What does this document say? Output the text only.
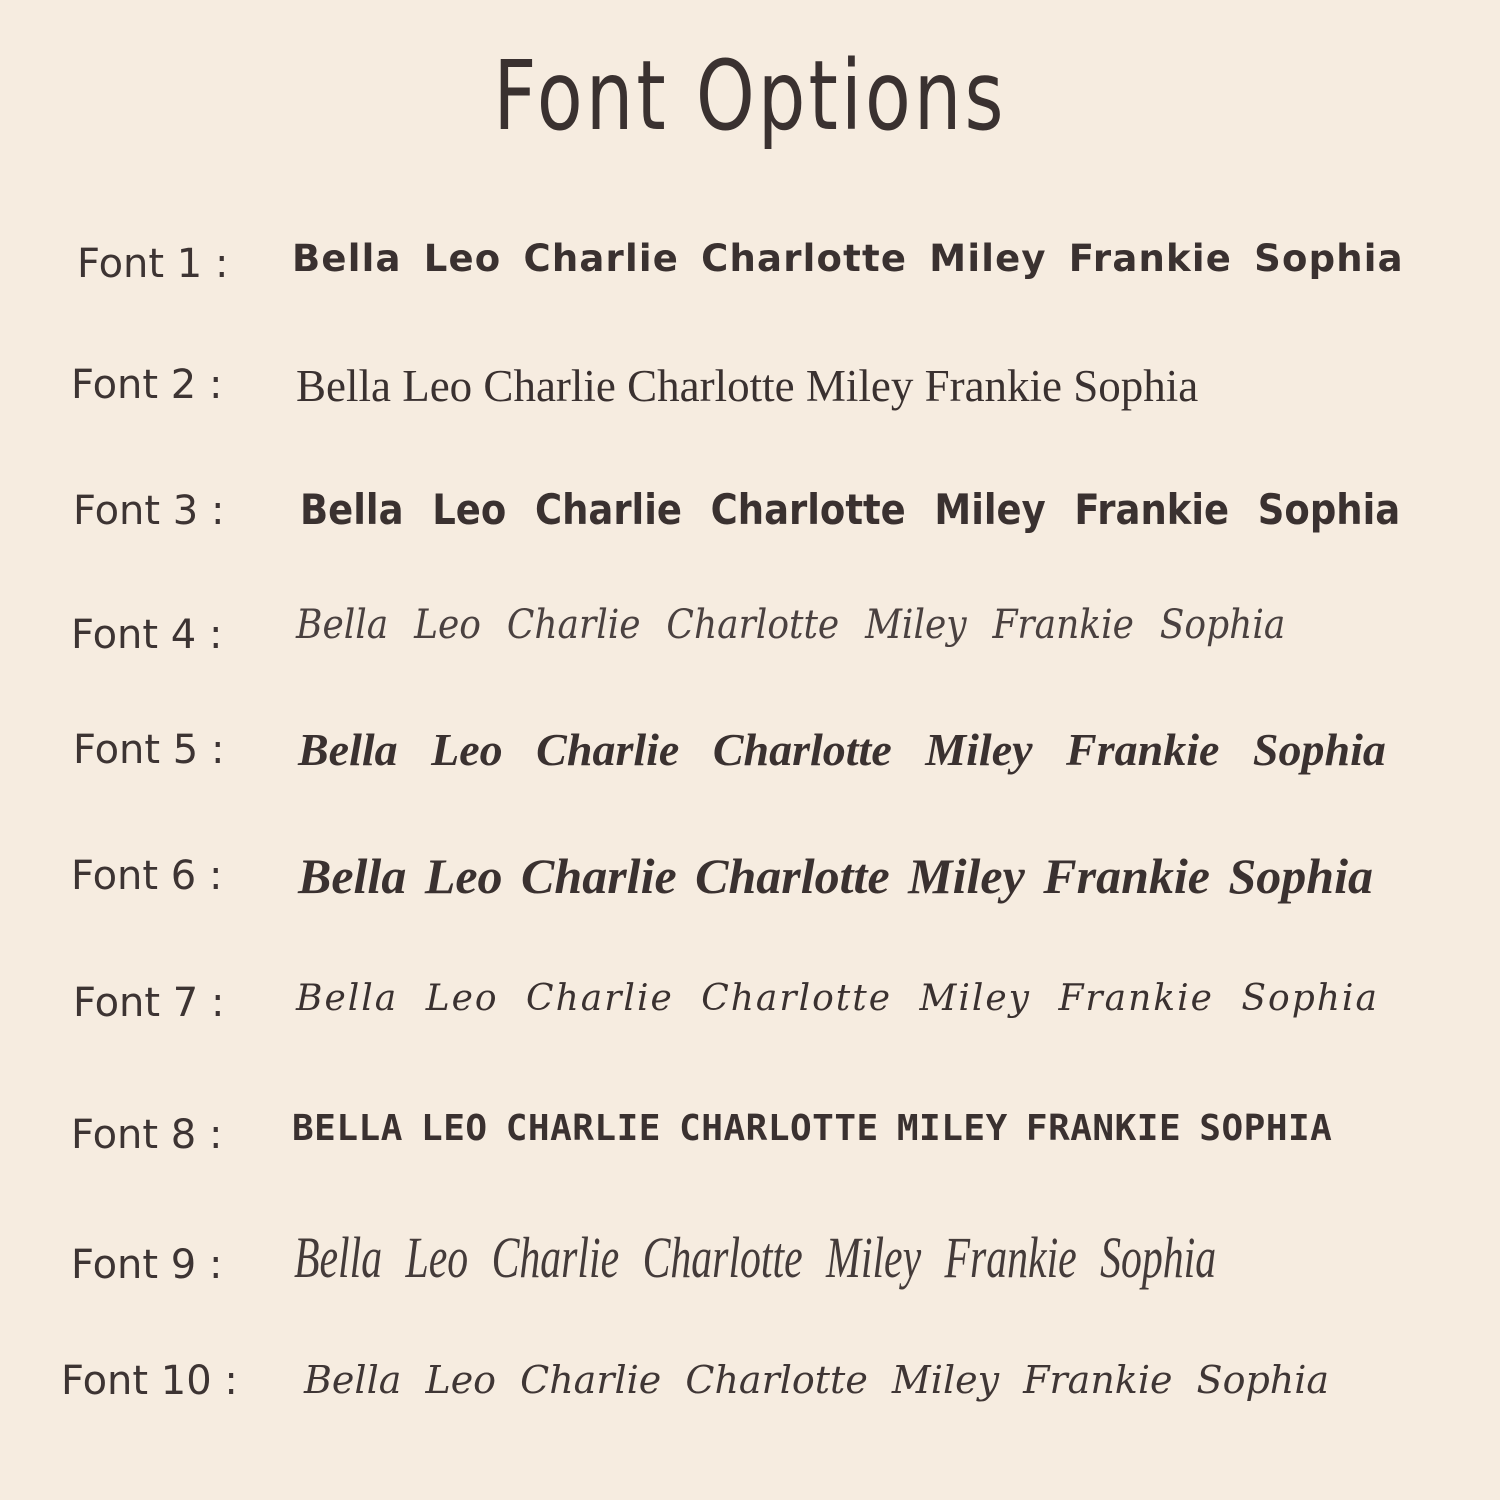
Font Options
Font 1 : Bella Leo Charlie Charlotte Miley Frankie Sophia
Font 2 : Bella Leo Charlie Charlotte Miley Frankie Sophia
Font 3 : Bella Leo Charlie Charlotte Miley Frankie Sophia
Font 4 : Bella Leo Charlie Charlotte Miley Frankie Sophia
Font 5 : Bella Leo Charlie Charlotte Miley Frankie Sophia
Font 6 : Bella Leo Charlie Charlotte Miley Frankie Sophia
Font 7 : Bella Leo Charlie Charlotte Miley Frankie Sophia
Font 8 : BELLA LEO CHARLIE CHARLOTTE MILEY FRANKIE SOPHIA
Font 9 : Bella Leo Charlie Charlotte Miley Frankie Sophia
Font 10 : Bella Leo Charlie Charlotte Miley Frankie Sophia
